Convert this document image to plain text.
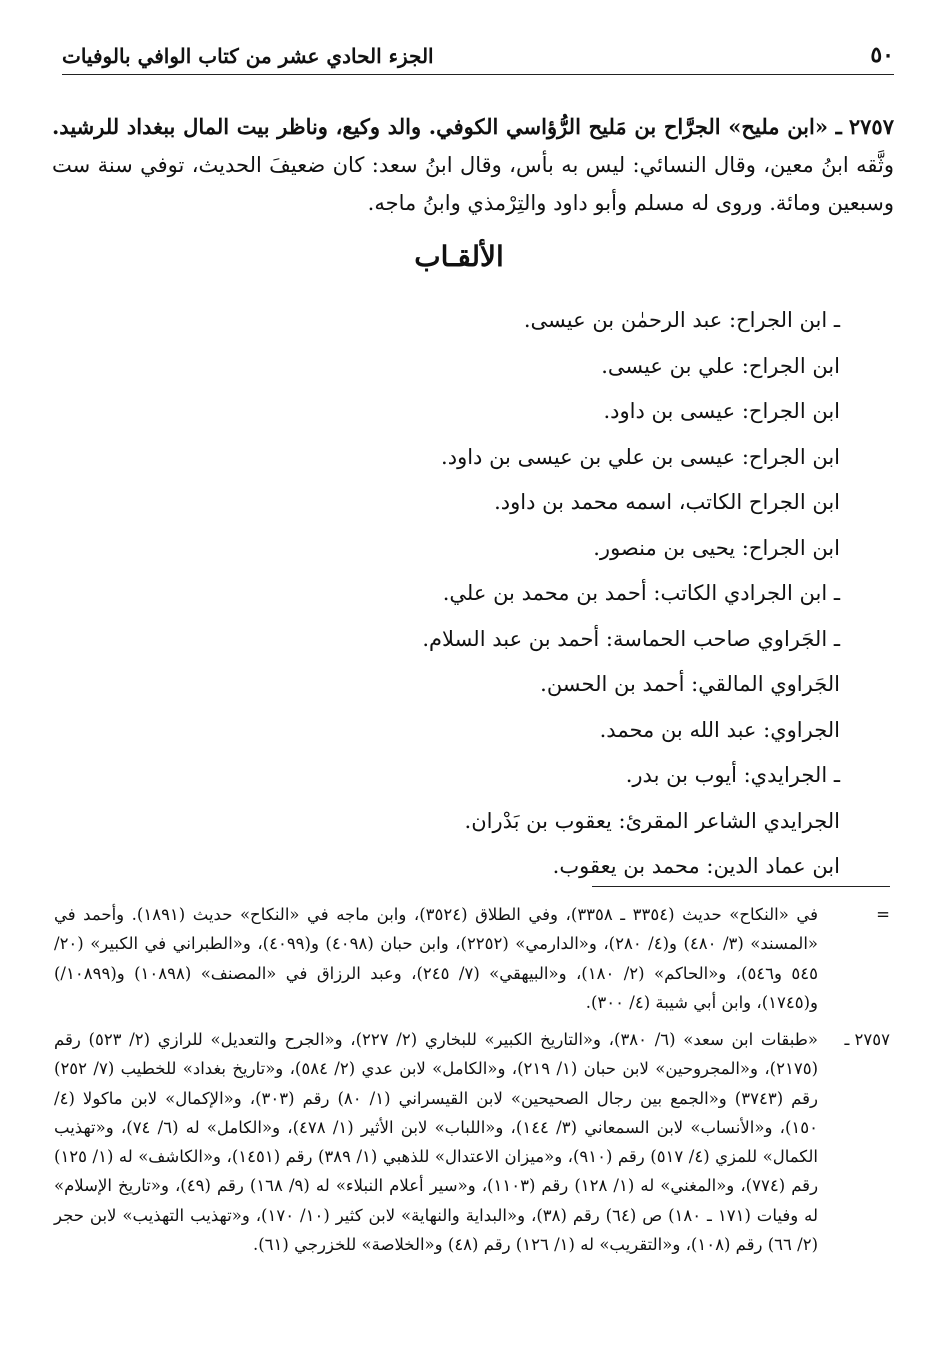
٥٠
الجزء الحادي عشر من كتاب الوافي بالوفيات

٢٧٥٧ ـ «ابن مليح» الجرَّاح بن مَليح الرُّؤاسي الكوفي. والد وكيع، وناظر بيت المال ببغداد للرشيد. وثَّقه ابنُ معين، وقال النسائي: ليس به بأس، وقال ابنُ سعد: كان ضعيفَ الحديث، توفي سنة ست وسبعين ومائة. وروى له مسلم وأبو داود والتِرْمذي وابنُ ماجه.

الألقـاب
ـ ابن الجراح: عبد الرحمٰن بن عيسى.
ابن الجراح: علي بن عيسى.
ابن الجراح: عيسى بن داود.
ابن الجراح: عيسى بن علي بن عيسى بن داود.
ابن الجراح الكاتب، اسمه محمد بن داود.
ابن الجراح: يحيى بن منصور.
ـ ابن الجرادي الكاتب: أحمد بن محمد بن علي.
ـ الجَراوي صاحب الحماسة: أحمد بن عبد السلام.
الجَراوي المالقي: أحمد بن الحسن.
الجراوي: عبد الله بن محمد.
ـ الجرايدي: أيوب بن بدر.
الجرايدي الشاعر المقرئ: يعقوب بن بَدْران.
ابن عماد الدين: محمد بن يعقوب.
=
في «النكاح» حديث (٣٣٥٤ ـ ٣٣٥٨)، وفي الطلاق (٣٥٢٤)، وابن ماجه في «النكاح» حديث (١٨٩١). وأحمد في «المسند» (٣/ ٤٨٠) و(٤/ ٢٨٠)، و«الدارمي» (٢٢٥٢)، وابن حبان (٤٠٩٨) و(٤٠٩٩)، و«الطبراني في الكبير» (٢٠/ ٥٤٥ و٥٤٦)، و«الحاكم» (٢/ ١٨٠)، و«البيهقي» (٧/ ٢٤٥)، وعبد الرزاق في «المصنف» (١٠٨٩٨) و(١٠٨٩٩/) و(١٧٤٥)، وابن أبي شيبة (٤/ ٣٠٠).
٢٧٥٧ ـ
«طبقات ابن سعد» (٦/ ٣٨٠)، و«التاريخ الكبير» للبخاري (٢/ ٢٢٧)، و«الجرح والتعديل» للرازي (٢/ ٥٢٣) رقم (٢١٧٥)، و«المجروحين» لابن حبان (١/ ٢١٩)، و«الكامل» لابن عدي (٢/ ٥٨٤)، و«تاريخ بغداد» للخطيب (٧/ ٢٥٢) رقم (٣٧٤٣) و«الجمع بين رجال الصحيحين» لابن القيسراني (١/ ٨٠) رقم (٣٠٣)، و«الإكمال» لابن ماكولا (٤/ ١٥٠)، و«الأنساب» لابن السمعاني (٣/ ١٤٤)، و«اللباب» لابن الأثير (١/ ٤٧٨)، و«الكامل» له (٦/ ٧٤)، و«تهذيب الكمال» للمزي (٤/ ٥١٧) رقم (٩١٠)، و«ميزان الاعتدال» للذهبي (١/ ٣٨٩) رقم (١٤٥١)، و«الكاشف» له (١/ ١٢٥) رقم (٧٧٤)، و«المغني» له (١/ ١٢٨) رقم (١١٠٣)، و«سير أعلام النبلاء» له (٩/ ١٦٨) رقم (٤٩)، و«تاريخ الإسلام» له وفيات (١٧١ ـ ١٨٠) ص (٦٤) رقم (٣٨)، و«البداية والنهاية» لابن كثير (١٠/ ١٧٠)، و«تهذيب التهذيب» لابن حجر (٢/ ٦٦) رقم (١٠٨)، و«التقريب» له (١/ ١٢٦) رقم (٤٨) و«الخلاصة» للخزرجي (٦١).
